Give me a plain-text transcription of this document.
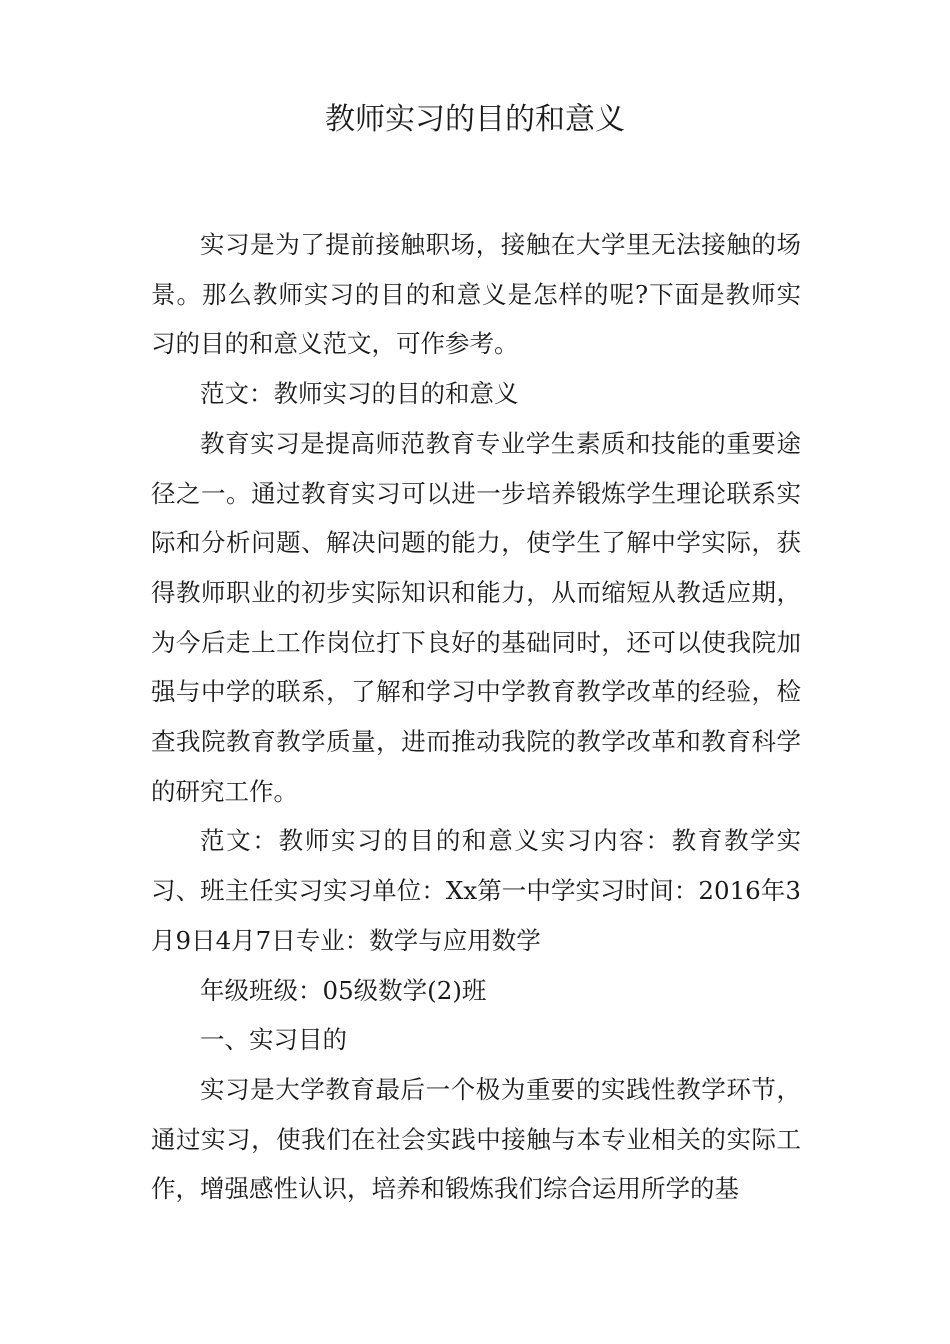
教师实习的目的和意义

实习是为了提前接触职场，接触在大学里无法接触的场景。那么教师实习的目的和意义是怎样的呢?下面是教师实习的目的和意义范文，可作参考。

范文：教师实习的目的和意义

教育实习是提高师范教育专业学生素质和技能的重要途径之一。通过教育实习可以进一步培养锻炼学生理论联系实际和分析问题、解决问题的能力，使学生了解中学实际，获得教师职业的初步实际知识和能力，从而缩短从教适应期，为今后走上工作岗位打下良好的基础同时，还可以使我院加强与中学的联系，了解和学习中学教育教学改革的经验，检查我院教育教学质量，进而推动我院的教学改革和教育科学的研究工作。

范文：教师实习的目的和意义实习内容：教育教学实习、班主任实习实习单位：Xx第一中学实习时间：2016年3月9日4月7日专业：数学与应用数学

年级班级：05级数学(2)班

一、实习目的

实习是大学教育最后一个极为重要的实践性教学环节，通过实习，使我们在社会实践中接触与本专业相关的实际工作，增强感性认识，培养和锻炼我们综合运用所学的基
